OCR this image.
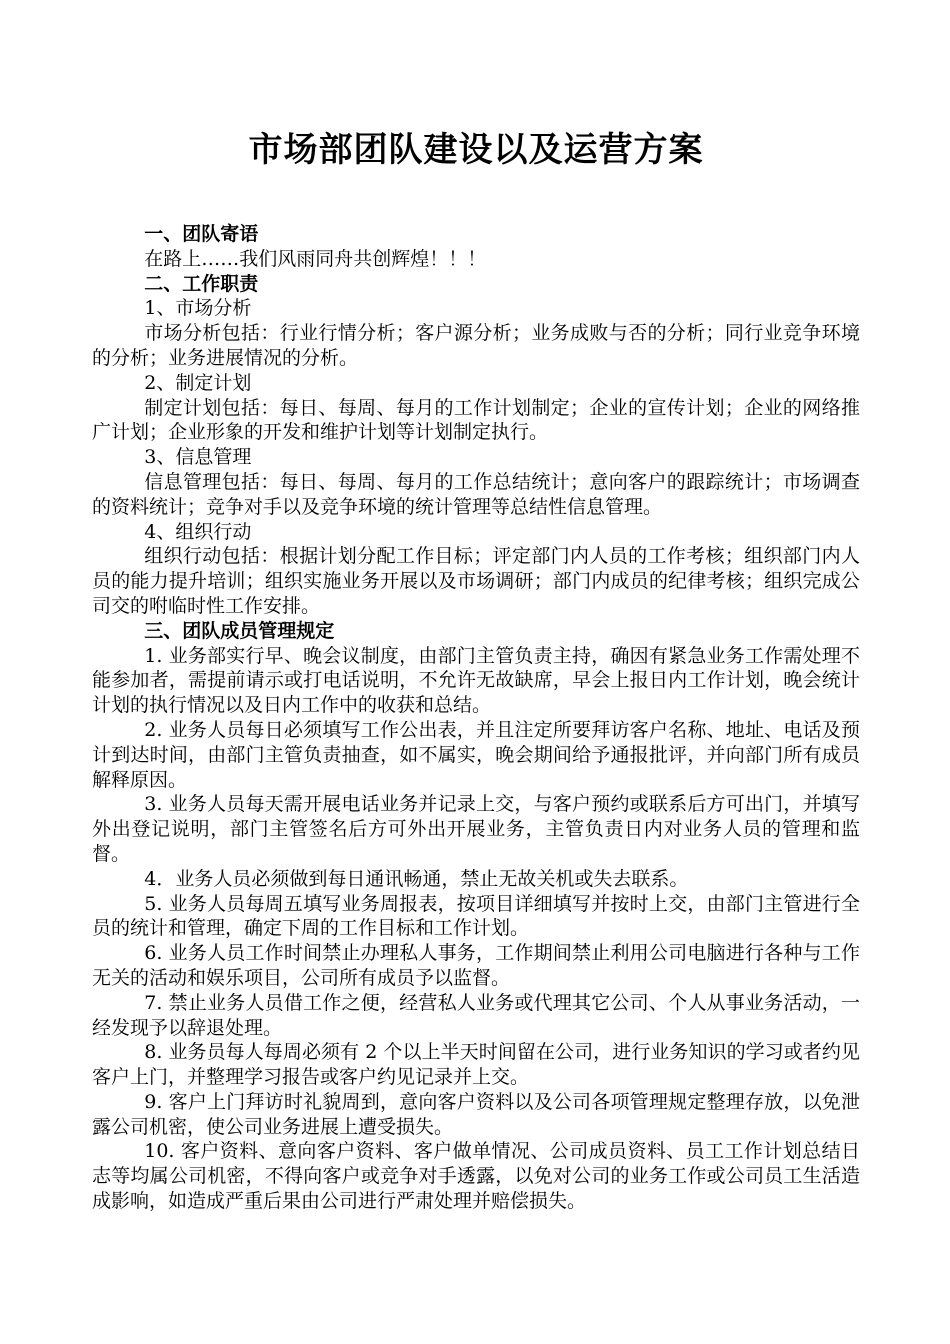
市场部团队建设以及运营方案

一、团队寄语

在路上……我们风雨同舟共创辉煌！！！

二、工作职责

1、市场分析

市场分析包括：行业行情分析；客户源分析；业务成败与否的分析；同行业竞争环境的分析；业务进展情况的分析。

2、制定计划

制定计划包括：每日、每周、每月的工作计划制定；企业的宣传计划；企业的网络推广计划；企业形象的开发和维护计划等计划制定执行。

3、信息管理

信息管理包括：每日、每周、每月的工作总结统计；意向客户的跟踪统计；市场调查的资料统计；竞争对手以及竞争环境的统计管理等总结性信息管理。

4、组织行动

组织行动包括：根据计划分配工作目标；评定部门内人员的工作考核；组织部门内人员的能力提升培训；组织实施业务开展以及市场调研；部门内成员的纪律考核；组织完成公司交的咐临时性工作安排。

三、团队成员管理规定

1. 业务部实行早、晚会议制度，由部门主管负责主持，确因有紧急业务工作需处理不能参加者，需提前请示或打电话说明，不允许无故缺席，早会上报日内工作计划，晚会统计计划的执行情况以及日内工作中的收获和总结。

2. 业务人员每日必须填写工作公出表，并且注定所要拜访客户名称、地址、电话及预计到达时间，由部门主管负责抽查，如不属实，晚会期间给予通报批评，并向部门所有成员解释原因。

3. 业务人员每天需开展电话业务并记录上交，与客户预约或联系后方可出门，并填写外出登记说明，部门主管签名后方可外出开展业务，主管负责日内对业务人员的管理和监督。

4．业务人员必须做到每日通讯畅通，禁止无故关机或失去联系。

5. 业务人员每周五填写业务周报表，按项目详细填写并按时上交，由部门主管进行全员的统计和管理，确定下周的工作目标和工作计划。

6. 业务人员工作时间禁止办理私人事务，工作期间禁止利用公司电脑进行各种与工作无关的活动和娱乐项目，公司所有成员予以监督。

7. 禁止业务人员借工作之便，经营私人业务或代理其它公司、个人从事业务活动，一经发现予以辞退处理。

8. 业务员每人每周必须有 2 个以上半天时间留在公司，进行业务知识的学习或者约见客户上门，并整理学习报告或客户约见记录并上交。

9. 客户上门拜访时礼貌周到，意向客户资料以及公司各项管理规定整理存放，以免泄露公司机密，使公司业务进展上遭受损失。

10. 客户资料、意向客户资料、客户做单情况、公司成员资料、员工工作计划总结日志等均属公司机密，不得向客户或竞争对手透露，以免对公司的业务工作或公司员工生活造成影响，如造成严重后果由公司进行严肃处理并赔偿损失。
